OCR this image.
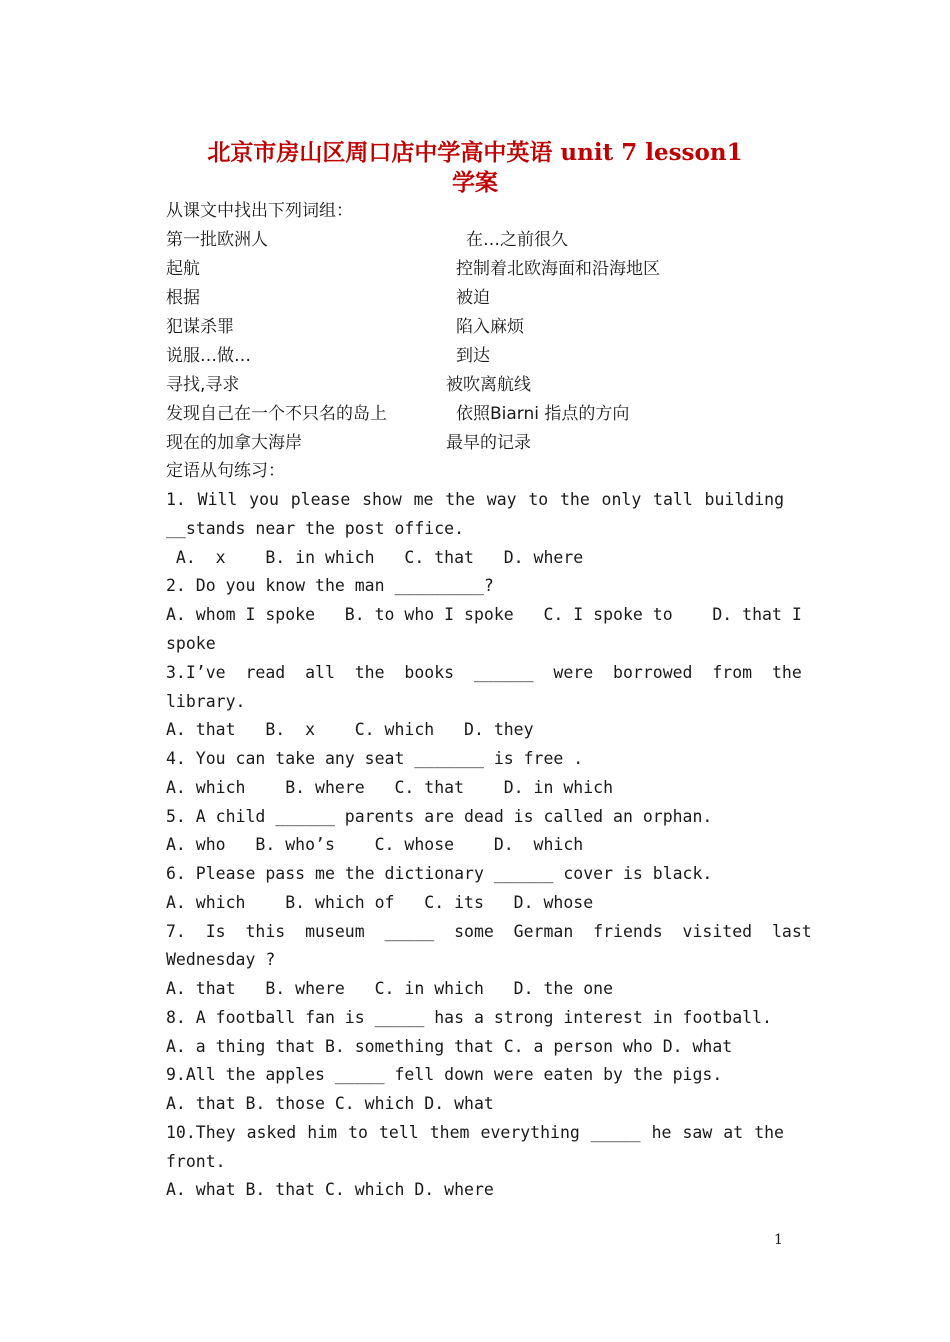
北京市房山区周口店中学高中英语 unit 7 lesson1
学案
从课文中找出下列词组：
第一批欧洲人	在…之前很久
起航	控制着北欧海面和沿海地区
根据	被迫
犯谋杀罪	陷入麻烦
说服…做…	到达
寻找,寻求	被吹离航线
发现自己在一个不只名的岛上	依照Biarni 指点的方向
现在的加拿大海岸	最早的记录
定语从句练习：
1. Will you please show me the way to the only tall building
__stands near the post office.
A.  x    B. in which   C. that   D. where
2. Do you know the man _________?
A. whom I spoke   B. to who I spoke   C. I spoke to    D. that I
spoke
3.I’ve  read  all  the  books  ______  were  borrowed  from  the
library.
A. that   B.  x    C. which   D. they
4. You can take any seat _______ is free .
A. which    B. where   C. that    D. in which
5. A child ______ parents are dead is called an orphan.
A. who   B. who’s    C. whose    D.  which
6. Please pass me the dictionary ______ cover is black.
A. which    B. which of   C. its   D. whose
7.  Is  this  museum  _____  some  German  friends  visited  last
Wednesday ?
A. that   B. where   C. in which   D. the one
8. A football fan is _____ has a strong interest in football.
A. a thing that B. something that C. a person who D. what
9.All the apples _____ fell down were eaten by the pigs.
A. that B. those C. which D. what
10.They asked him to tell them everything _____ he saw at the
front.
A. what B. that C. which D. where
1
